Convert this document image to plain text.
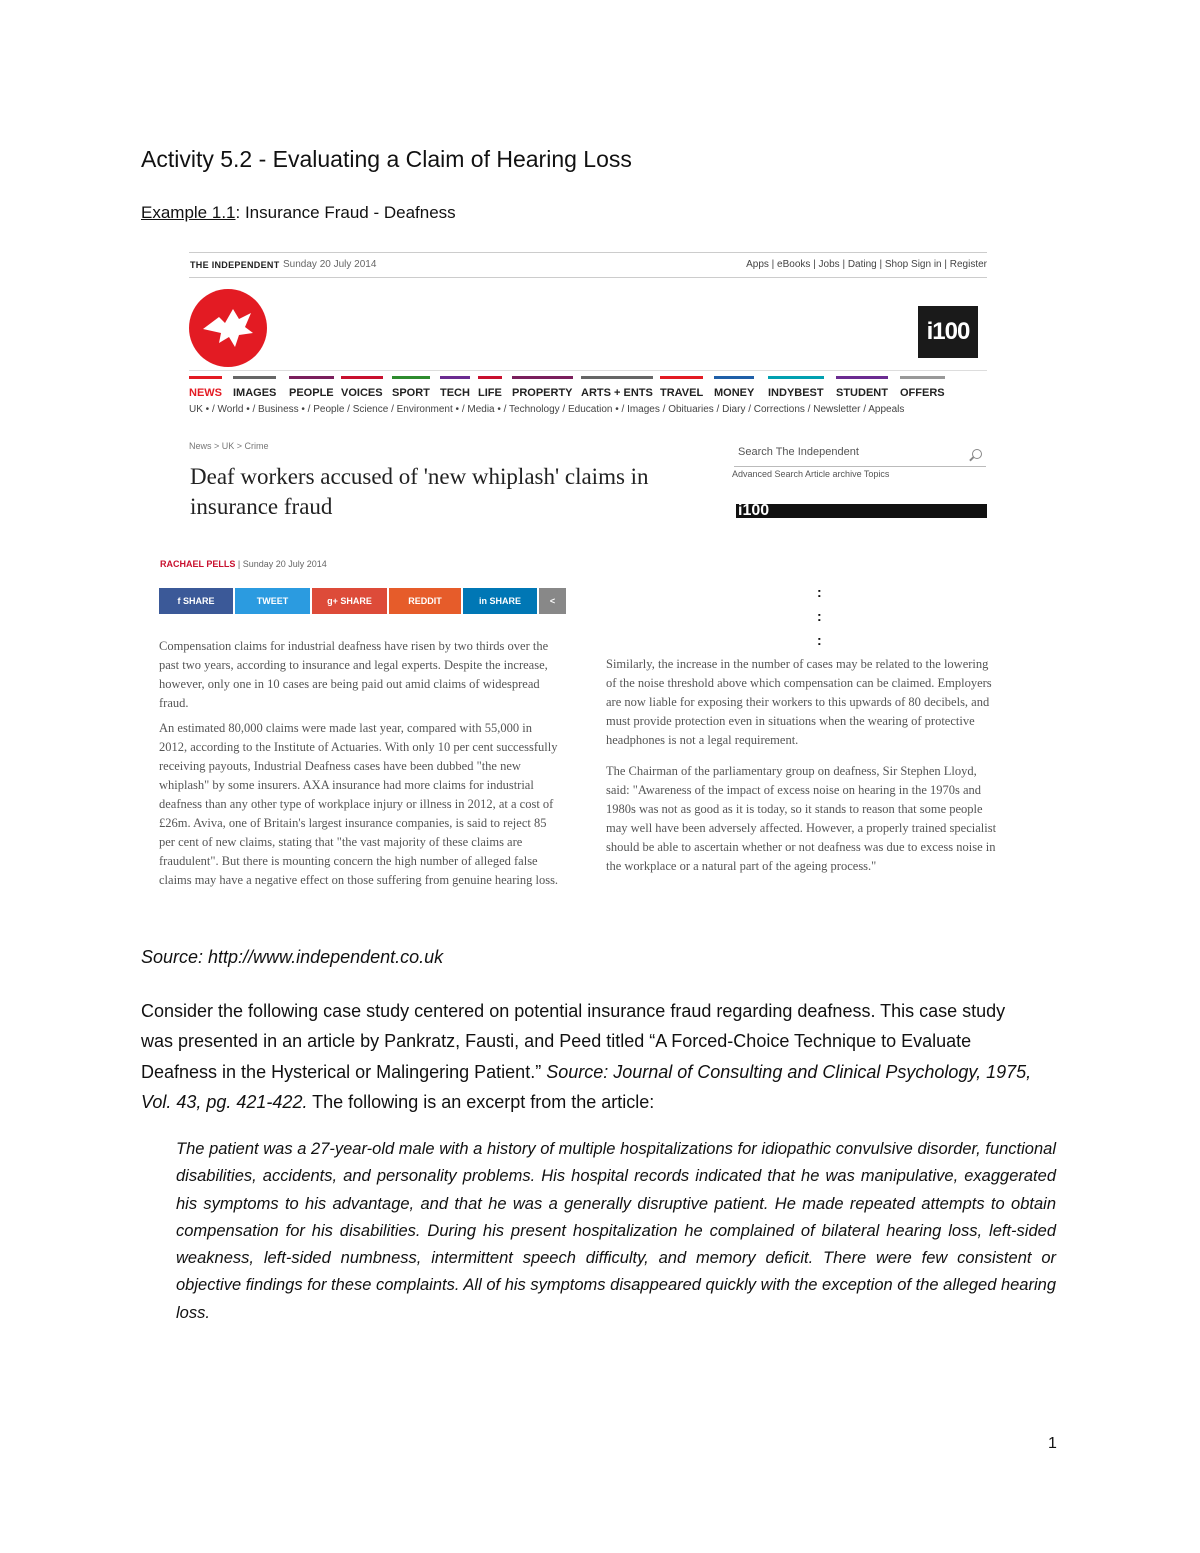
Activity 5.2 - Evaluating a Claim of Hearing Loss
Example 1.1: Insurance Fraud - Deafness
THE INDEPENDENT Sunday 20 July 2014	Apps | eBooks | Jobs | Dating | Shop Sign in | Register
i100
NEWS IMAGES PEOPLE VOICES SPORT TECH LIFE PROPERTY ARTS + ENTS TRAVEL MONEY INDYBEST STUDENT OFFERS
UK • / World • / Business • / People / Science / Environment • / Media • / Technology / Education • / Images / Obituaries / Diary / Corrections / Newsletter / Appeals
News > UK > Crime
Deaf workers accused of 'new whiplash' claims in insurance fraud
Search The Independent
Advanced Search Article archive Topics
i100
RACHAEL PELLS | Sunday 20 July 2014
f SHARE	TWEET	g+ SHARE	REDDIT	in SHARE	<
:
:
:

Compensation claims for industrial deafness have risen by two thirds over the past two years, according to insurance and legal experts. Despite the increase, however, only one in 10 cases are being paid out amid claims of widespread fraud.

An estimated 80,000 claims were made last year, compared with 55,000 in 2012, according to the Institute of Actuaries. With only 10 per cent successfully receiving payouts, Industrial Deafness cases have been dubbed "the new whiplash" by some insurers. AXA insurance had more claims for industrial deafness than any other type of workplace injury or illness in 2012, at a cost of £26m. Aviva, one of Britain's largest insurance companies, is said to reject 85 per cent of new claims, stating that "the vast majority of these claims are fraudulent". But there is mounting concern the high number of alleged false claims may have a negative effect on those suffering from genuine hearing loss.

Similarly, the increase in the number of cases may be related to the lowering of the noise threshold above which compensation can be claimed. Employers are now liable for exposing their workers to this upwards of 80 decibels, and must provide protection even in situations when the wearing of protective headphones is not a legal requirement.

The Chairman of the parliamentary group on deafness, Sir Stephen Lloyd, said: "Awareness of the impact of excess noise on hearing in the 1970s and 1980s was not as good as it is today, so it stands to reason that some people may well have been adversely affected. However, a properly trained specialist should be able to ascertain whether or not deafness was due to excess noise in the workplace or a natural part of the ageing process."

Source: http://www.independent.co.uk
Consider the following case study centered on potential insurance fraud regarding deafness. This case study was presented in an article by Pankratz, Fausti, and Peed titled “A Forced-Choice Technique to Evaluate Deafness in the Hysterical or Malingering Patient.” Source: Journal of Consulting and Clinical Psychology, 1975, Vol. 43, pg. 421-422. The following is an excerpt from the article:
The patient was a 27-year-old male with a history of multiple hospitalizations for idiopathic convulsive disorder, functional disabilities, accidents, and personality problems. His hospital records indicated that he was manipulative, exaggerated his symptoms to his advantage, and that he was a generally disruptive patient. He made repeated attempts to obtain compensation for his disabilities. During his present hospitalization he complained of bilateral hearing loss, left-sided weakness, left-sided numbness, intermittent speech difficulty, and memory deficit. There were few consistent or objective findings for these complaints. All of his symptoms disappeared quickly with the exception of the alleged hearing loss.
1
